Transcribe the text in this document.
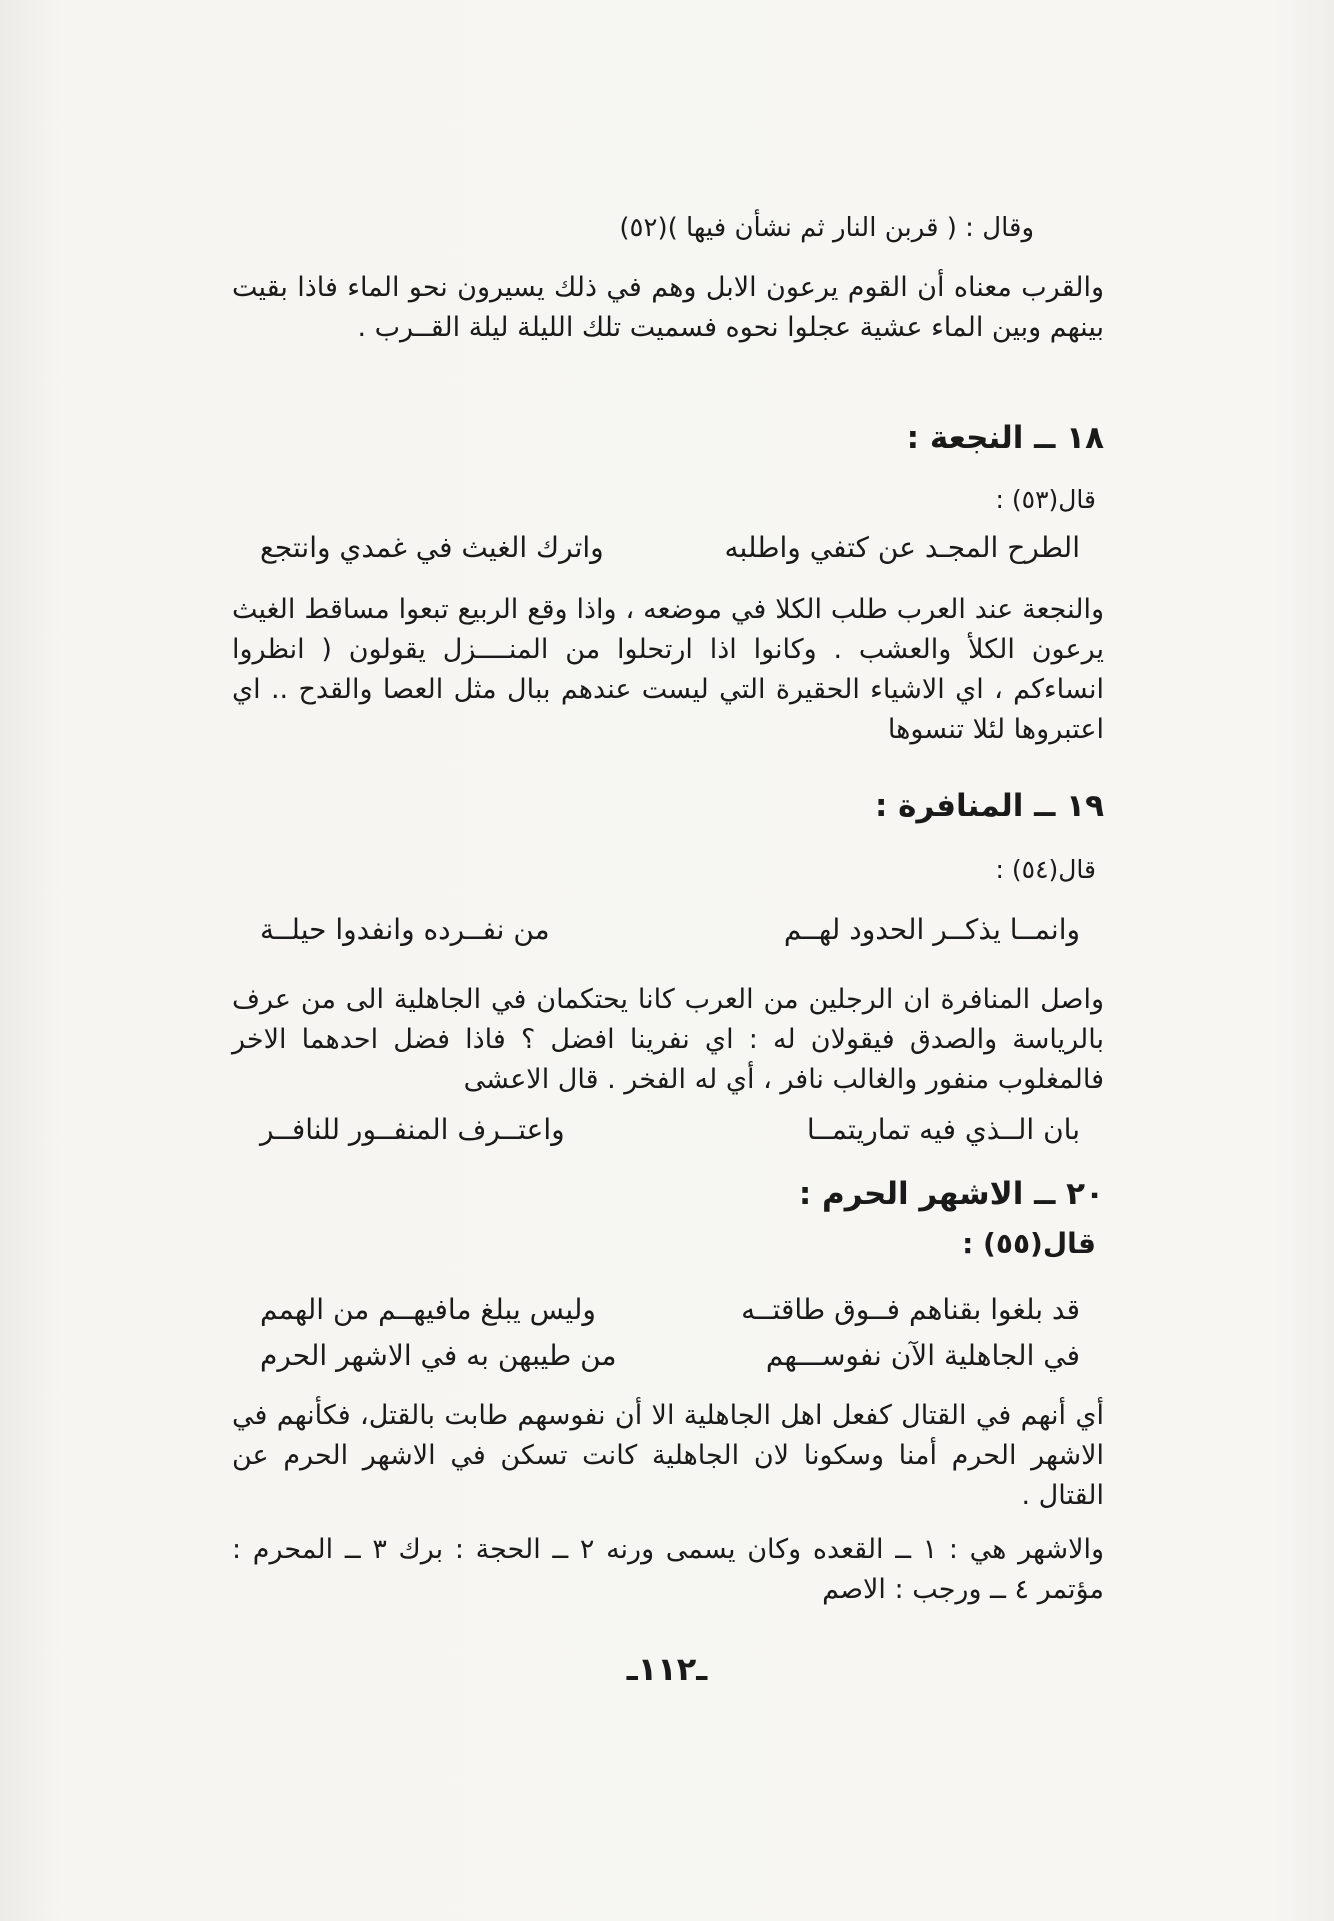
وقال : ( قربن النار ثم نشأن فيها )(٥٢)

والقرب معناه أن القوم يرعون الابل وهم في ذلك يسيرون نحو الماء فاذا بقيت بينهم وبين الماء عشية عجلوا نحوه فسميت تلك الليلة ليلة القــرب .

١٨ ــ النجعة :
قال(٥٣) :
الطرح المجـد عن كتفي واطلبه
واترك الغيث في غمدي وانتجع

والنجعة عند العرب طلب الكلا في موضعه ، واذا وقع الربيع تبعوا مساقط الغيث يرعون الكلأ والعشب . وكانوا اذا ارتحلوا من المنــــزل يقولون ( انظروا انساءكم ، اي الاشياء الحقيرة التي ليست عندهم ببال مثل العصا والقدح .. اي اعتبروها لئلا تنسوها

١٩ ــ المنافرة :
قال(٥٤) :
وانمــا يذكــر الحدود لهــم
من نفــرده وانفدوا حيلــة

واصل المنافرة ان الرجلين من العرب كانا يحتكمان في الجاهلية الى من عرف بالرياسة والصدق فيقولان له : اي نفرينا افضل ؟ فاذا فضل احدهما الاخر فالمغلوب منفور والغالب نافر ، أي له الفخر . قال الاعشى

بان الــذي فيه تماريتمــا
واعتــرف المنفــور للنافــر
٢٠ ــ الاشهر الحرم :
قال(٥٥) :
قد بلغوا بقناهم فــوق طاقتــه
وليس يبلغ مافيهــم من الهمم
في الجاهلية الآن نفوســـهم
من طيبهن به في الاشهر الحرم

أي أنهم في القتال كفعل اهل الجاهلية الا أن نفوسهم طابت بالقتل، فكأنهم في الاشهر الحرم أمنا وسكونا لان الجاهلية كانت تسكن في الاشهر الحرم عن القتال .

والاشهر هي : ١ ــ القعده وكان يسمى ورنه ٢ ــ الحجة : برك ٣ ــ المحرم : مؤتمر ٤ ــ ورجب : الاصم

ـ١١٢ـ
